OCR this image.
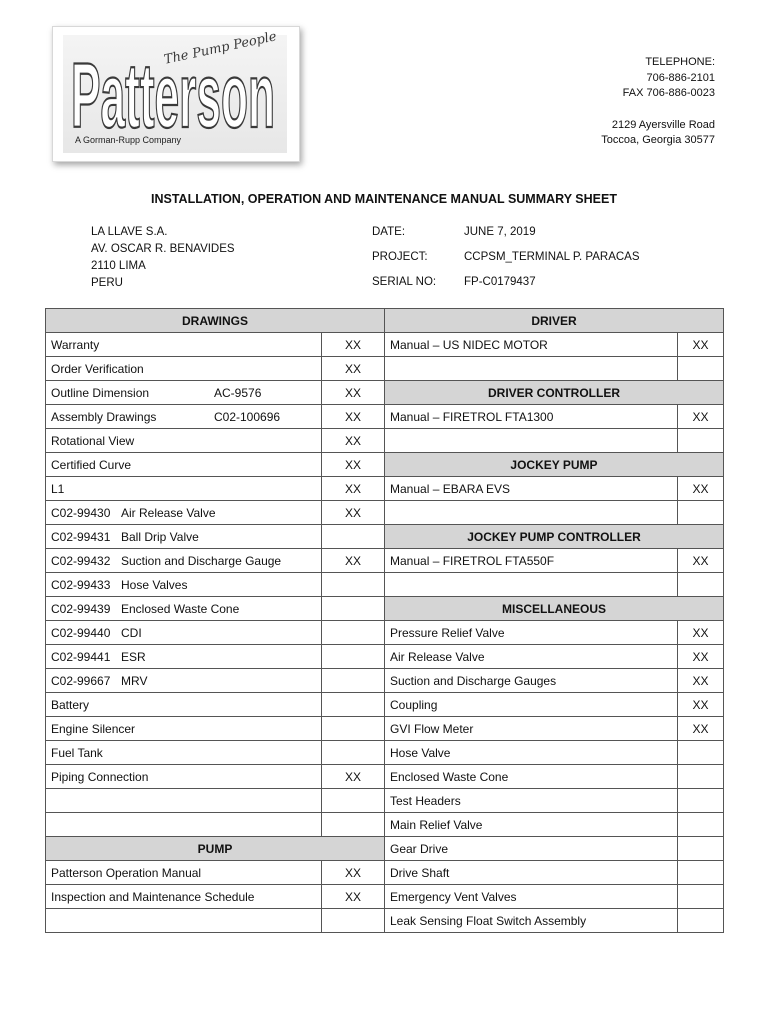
Patterson
The Pump People
A Gorman-Rupp Company
TELEPHONE:
706-886-2101
FAX 706-886-0023
2129 Ayersville Road
Toccoa, Georgia 30577
INSTALLATION, OPERATION AND MAINTENANCE MANUAL SUMMARY SHEET
LA LLAVE S.A.
AV. OSCAR R. BENAVIDES
2110 LIMA
PERU
DATE:	JUNE 7, 2019
PROJECT:	CCPSM_TERMINAL P. PARACAS
SERIAL NO: FP-C0179437
DRAWINGS	
Warranty	XX
Order Verification	XX
Outline Dimension AC-9576	XX
Assembly Drawings C02-100696	XX
Rotational View	XX
Certified Curve	XX
L1	XX
C02-99430 Air Release Valve	XX
C02-99431 Ball Drip Valve	
C02-99432 Suction and Discharge Gauge	XX
C02-99433 Hose Valves	
C02-99439 Enclosed Waste Cone	
C02-99440 CDI	
C02-99441 ESR	
C02-99667 MRV	
Battery	
Engine Silencer	
Fuel Tank	
Piping Connection	XX

PUMP	
Patterson Operation Manual	XX
Inspection and Maintenance Schedule	XX

DRIVER	
Manual – US NIDEC MOTOR	XX

DRIVER CONTROLLER	
Manual – FIRETROL FTA1300	XX

JOCKEY PUMP	
Manual – EBARA EVS	XX

JOCKEY PUMP CONTROLLER	
Manual – FIRETROL FTA550F	XX

MISCELLANEOUS	
Pressure Relief Valve	XX
Air Release Valve	XX
Suction and Discharge Gauges	XX
Coupling	XX
GVI Flow Meter	XX
Hose Valve	
Enclosed Waste Cone	
Test Headers	
Main Relief Valve	
Gear Drive	
Drive Shaft	
Emergency Vent Valves	
Leak Sensing Float Switch Assembly	
